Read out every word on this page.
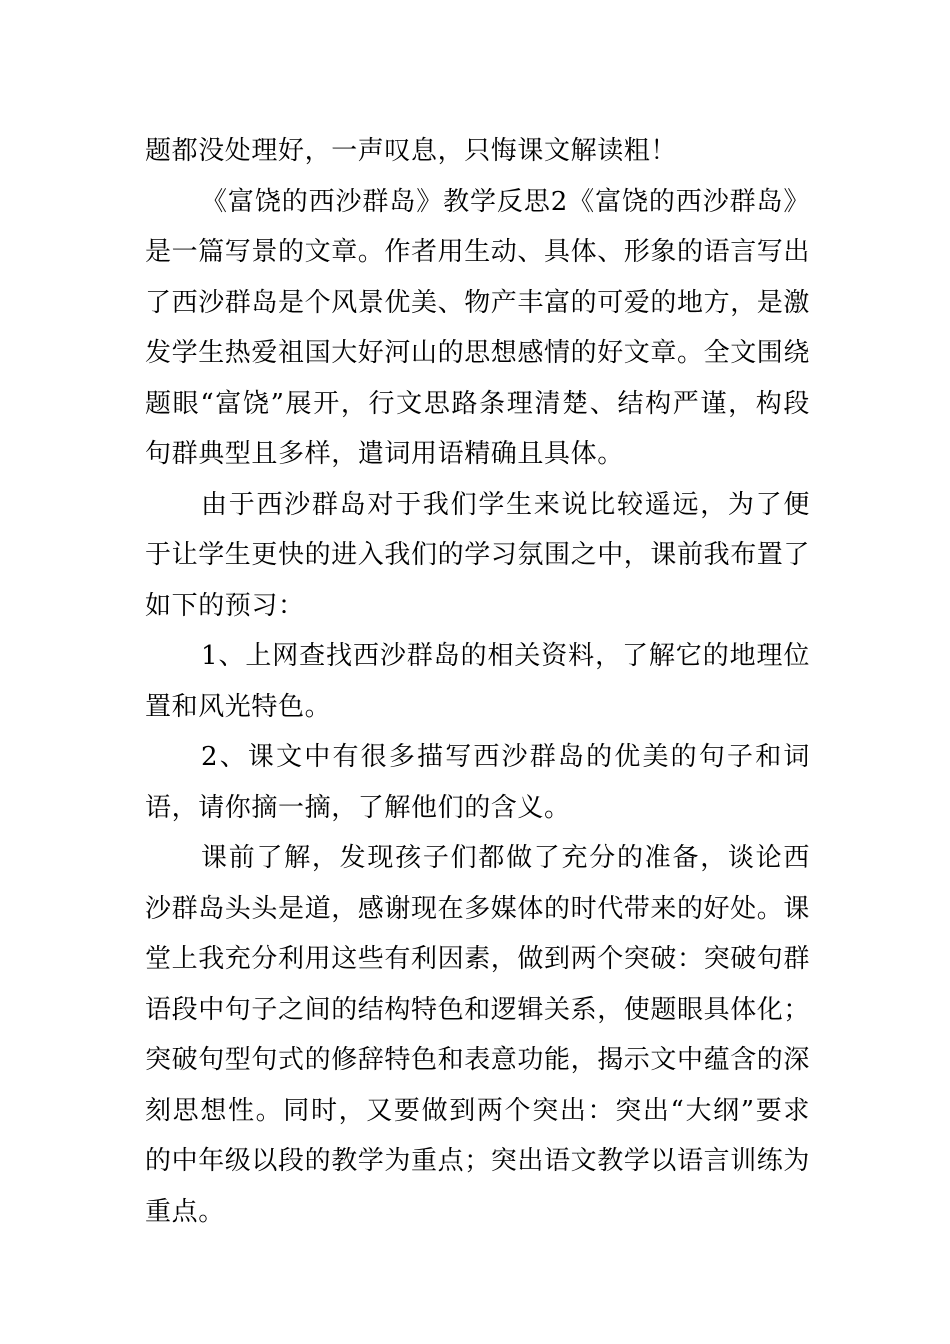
题都没处理好，一声叹息，只悔课文解读粗！

《富饶的西沙群岛》教学反思2《富饶的西沙群岛》是一篇写景的文章。作者用生动、具体、形象的语言写出了西沙群岛是个风景优美、物产丰富的可爱的地方，是激发学生热爱祖国大好河山的思想感情的好文章。全文围绕题眼“富饶”展开，行文思路条理清楚、结构严谨，构段句群典型且多样，遣词用语精确且具体。

由于西沙群岛对于我们学生来说比较遥远，为了便于让学生更快的进入我们的学习氛围之中，课前我布置了如下的预习：

1、上网查找西沙群岛的相关资料，了解它的地理位置和风光特色。

2、课文中有很多描写西沙群岛的优美的句子和词语，请你摘一摘，了解他们的含义。

课前了解，发现孩子们都做了充分的准备，谈论西沙群岛头头是道，感谢现在多媒体的时代带来的好处。课堂上我充分利用这些有利因素，做到两个突破：突破句群语段中句子之间的结构特色和逻辑关系，使题眼具体化；突破句型句式的修辞特色和表意功能，揭示文中蕴含的深刻思想性。同时，又要做到两个突出：突出“大纲”要求的中年级以段的教学为重点；突出语文教学以语言训练为重点。
